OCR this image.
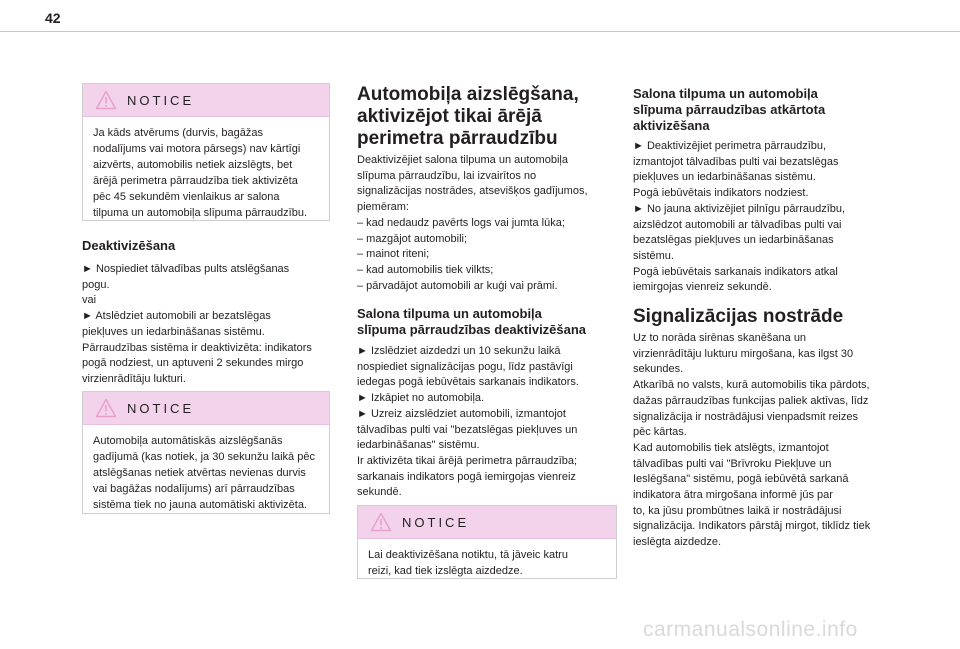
42
NOTICE
Ja kāds atvērums (durvis, bagāžas
nodalījums vai motora pārsegs) nav kārtīgi
aizvērts, automobilis netiek aizslēgts, bet
ārējā perimetra pārraudzība tiek aktivizēta
pēc 45 sekundēm vienlaikus ar salona
tilpuma un automobiļa slīpuma pārraudzību.
Deaktivizēšana
► Nospiediet tālvadības pults atslēgšanas
pogu.
vai
► Atslēdziet automobili ar bezatslēgas
piekļuves un iedarbināšanas sistēmu.
Pārraudzības sistēma ir deaktivizēta: indikators
pogā nodziest, un aptuveni 2 sekundes mirgo
virzienrādītāju lukturi.
NOTICE
Automobiļa automātiskās aizslēgšanās
gadījumā (kas notiek, ja 30 sekunžu laikā pēc
atslēgšanas netiek atvērtas nevienas durvis
vai bagāžas nodalījums) arī pārraudzības
sistēma tiek no jauna automātiski aktivizēta.
Automobiļa aizslēgšana,
aktivizējot tikai ārējā
perimetra pārraudzību
Deaktivizējiet salona tilpuma un automobiļa
slīpuma pārraudzību, lai izvairītos no
signalizācijas nostrādes, atsevišķos gadījumos,
piemēram:
– kad nedaudz pavērts logs vai jumta lūka;
– mazgājot automobili;
– mainot riteni;
– kad automobilis tiek vilkts;
– pārvadājot automobili ar kuģi vai prāmi.
Salona tilpuma un automobiļa
slīpuma pārraudzības deaktivizēšana
► Izslēdziet aizdedzi un 10 sekunžu laikā
nospiediet signalizācijas pogu, līdz pastāvīgi
iedegas pogā iebūvētais sarkanais indikators.
► Izkāpiet no automobiļa.
► Uzreiz aizslēdziet automobili, izmantojot
tālvadības pulti vai "bezatslēgas piekļuves un
iedarbināšanas" sistēmu.
Ir aktivizēta tikai ārējā perimetra pārraudzība;
sarkanais indikators pogā iemirgojas vienreiz
sekundē.
NOTICE
Lai deaktivizēšana notiktu, tā jāveic katru
reizi, kad tiek izslēgta aizdedze.
Salona tilpuma un automobiļa
slīpuma pārraudzības atkārtota
aktivizēšana
► Deaktivizējiet perimetra pārraudzību,
izmantojot tālvadības pulti vai bezatslēgas
piekļuves un iedarbināšanas sistēmu.
Pogā iebūvētais indikators nodziest.
► No jauna aktivizējiet pilnīgu pārraudzību,
aizslēdzot automobili ar tālvadības pulti vai
bezatslēgas piekļuves un iedarbināšanas
sistēmu.
Pogā iebūvētais sarkanais indikators atkal
iemirgojas vienreiz sekundē.
Signalizācijas nostrāde
Uz to norāda sirēnas skanēšana un
virzienrādītāju lukturu mirgošana, kas ilgst 30
sekundes.
Atkarībā no valsts, kurā automobilis tika pārdots,
dažas pārraudzības funkcijas paliek aktīvas, līdz
signalizācija ir nostrādājusi vienpadsmit reizes
pēc kārtas.
Kad automobilis tiek atslēgts, izmantojot
tālvadības pulti vai "Brīvroku Piekļuve un
Ieslēgšana" sistēmu, pogā iebūvētā sarkanā
indikatora ātra mirgošana informē jūs par
to, ka jūsu prombūtnes laikā ir nostrādājusi
signalizācija. Indikators pārstāj mirgot, tiklīdz tiek
ieslēgta aizdedze.
carmanualsonline.info
